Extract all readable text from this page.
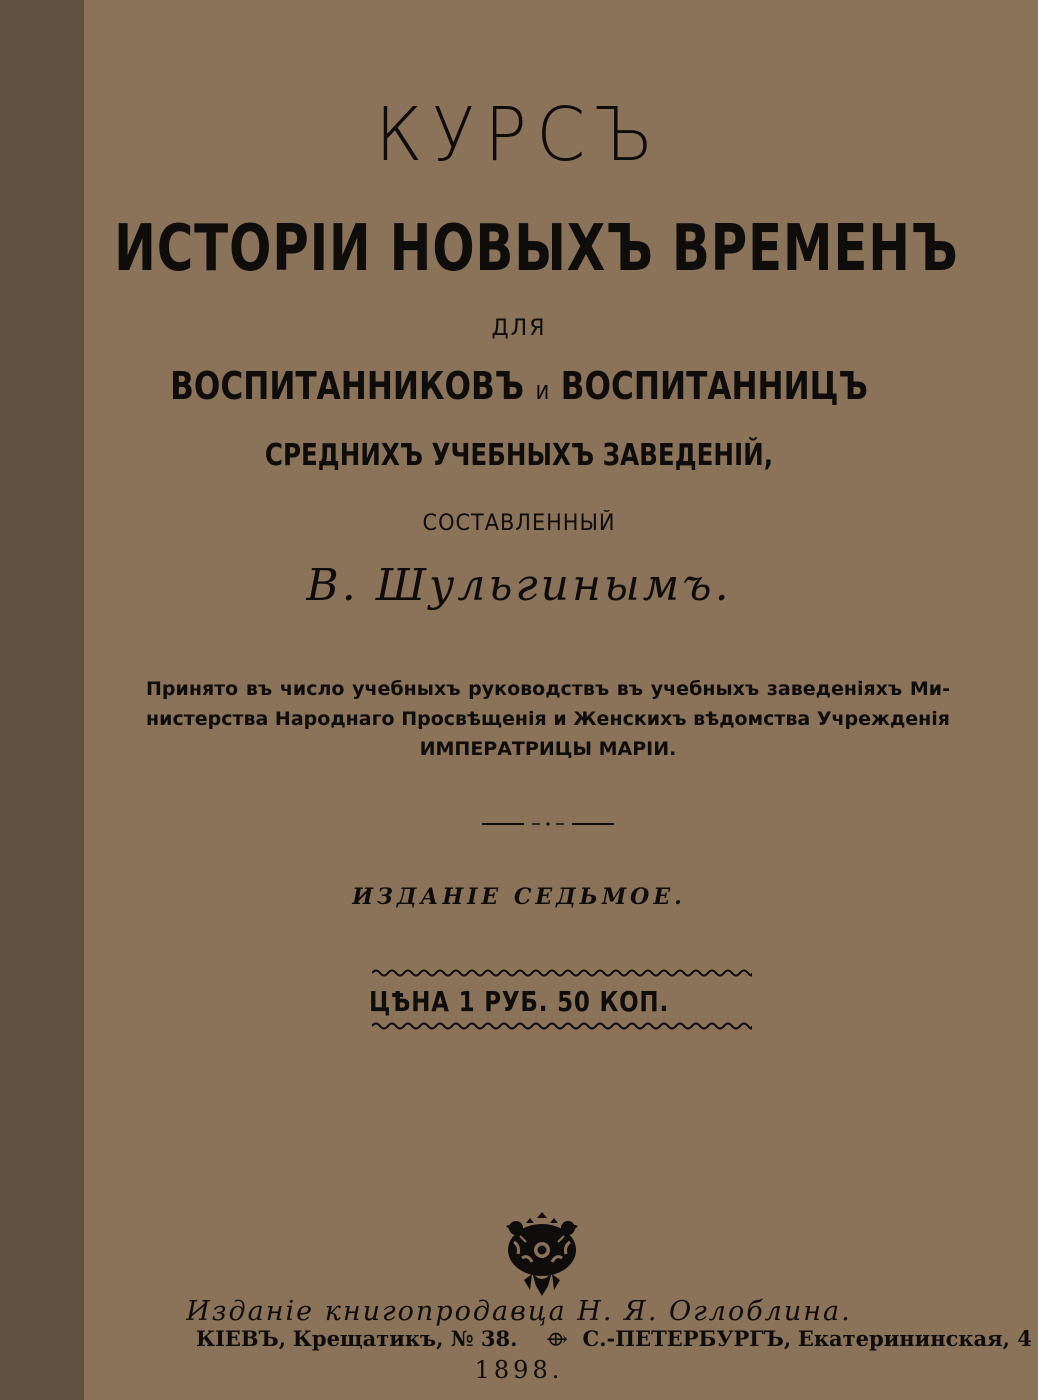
КУРСЪ
ИСТОРІИ НОВЫХЪ ВРЕМЕНЪ

ДЛЯ

ВОСПИТАННИКОВЪ и ВОСПИТАННИЦЪ

СРЕДНИХЪ УЧЕБНЫХЪ ЗАВЕДЕНІЙ,

СОСТАВЛЕННЫЙ

В. Шульгинымъ.

Принято въ число учебныхъ руководствъ въ учебныхъ заведеніяхъ Ми-
нистерства Народнаго Просвѣщенія и Женскихъ вѣдомства Учрежденія
ИМПЕРАТРИЦЫ МАРІИ.

ИЗДАНІЕ СЕДЬМОЕ.

ЦѢНА 1 РУБ. 50 КОП.

Изданіе книгопродавца Н. Я. Оглоблина.

КІЕВЪ, Крещатикъ, № 38. ⟴ С.-ПЕТЕРБУРГЪ, Екатерининская, 4

1898.
